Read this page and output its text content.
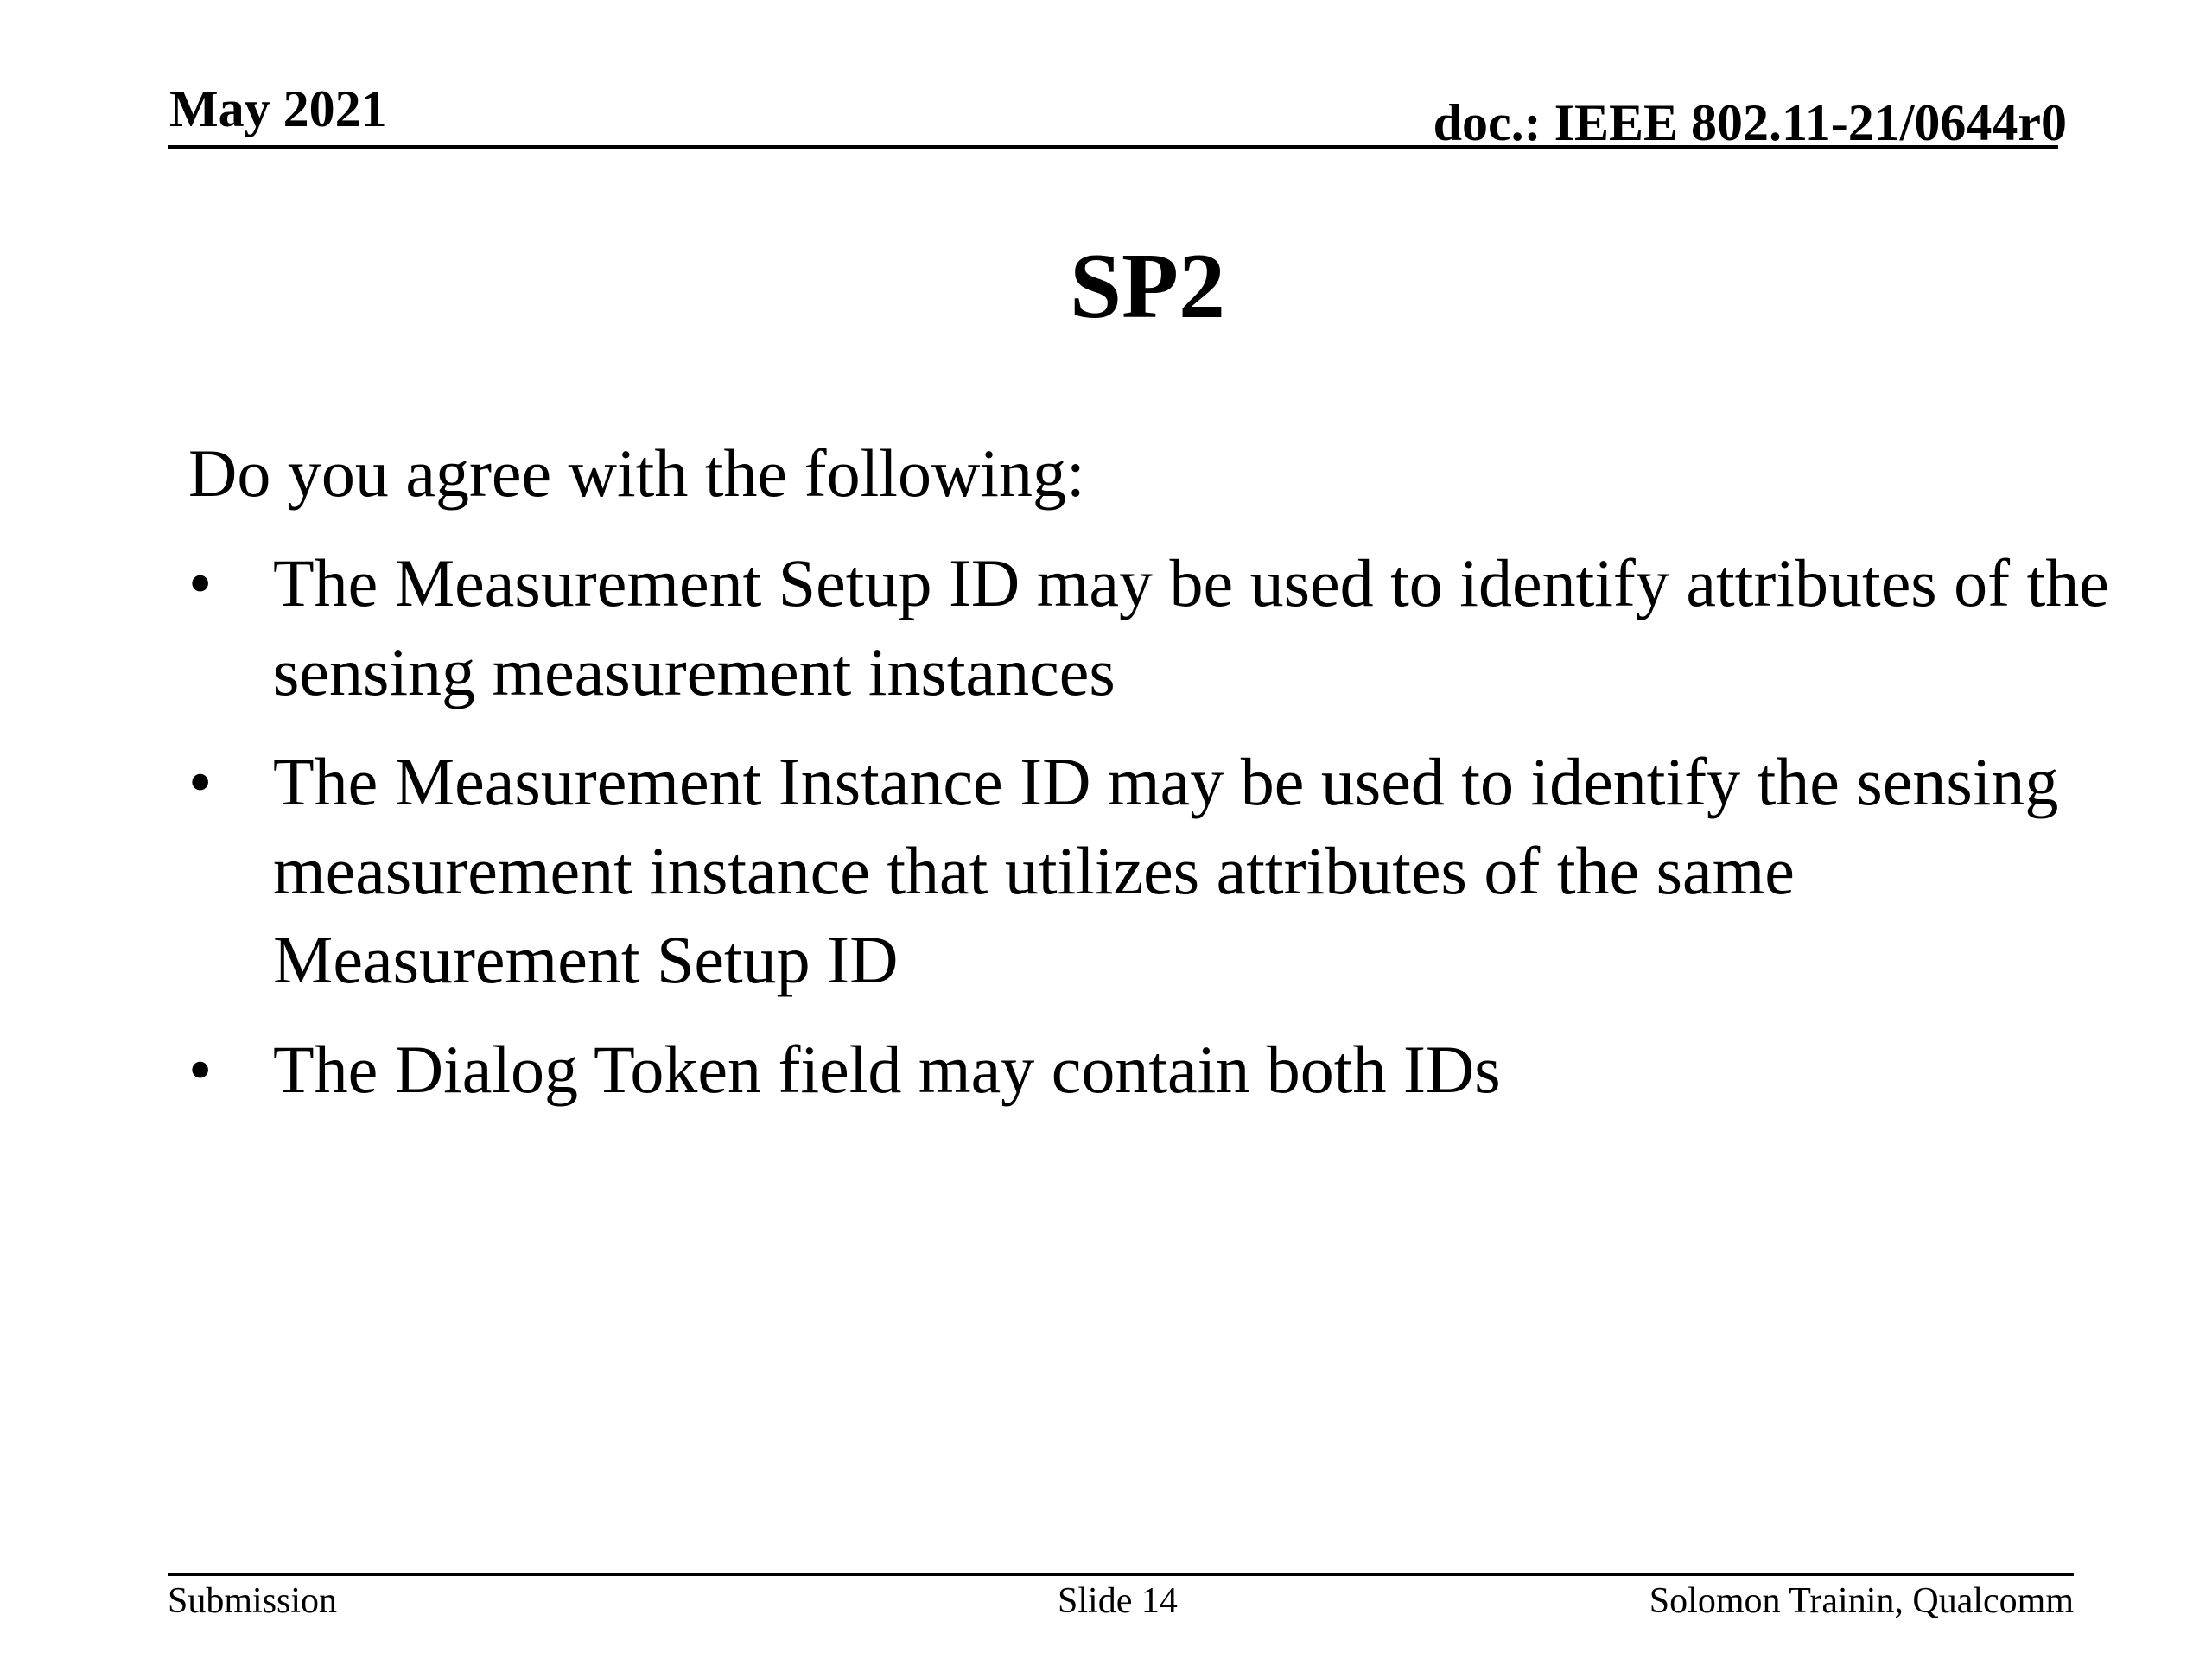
May 2021	doc.: IEEE 802.11-21/0644r0
SP2

Do you agree with the following:

• The Measurement Setup ID may be used to identify attributes of the sensing measurement instances
• The Measurement Instance ID may be used to identify the sensing measurement instance that utilizes attributes of the same Measurement Setup ID
• The Dialog Token field may contain both IDs
Submission	Slide 14	Solomon Trainin, Qualcomm
